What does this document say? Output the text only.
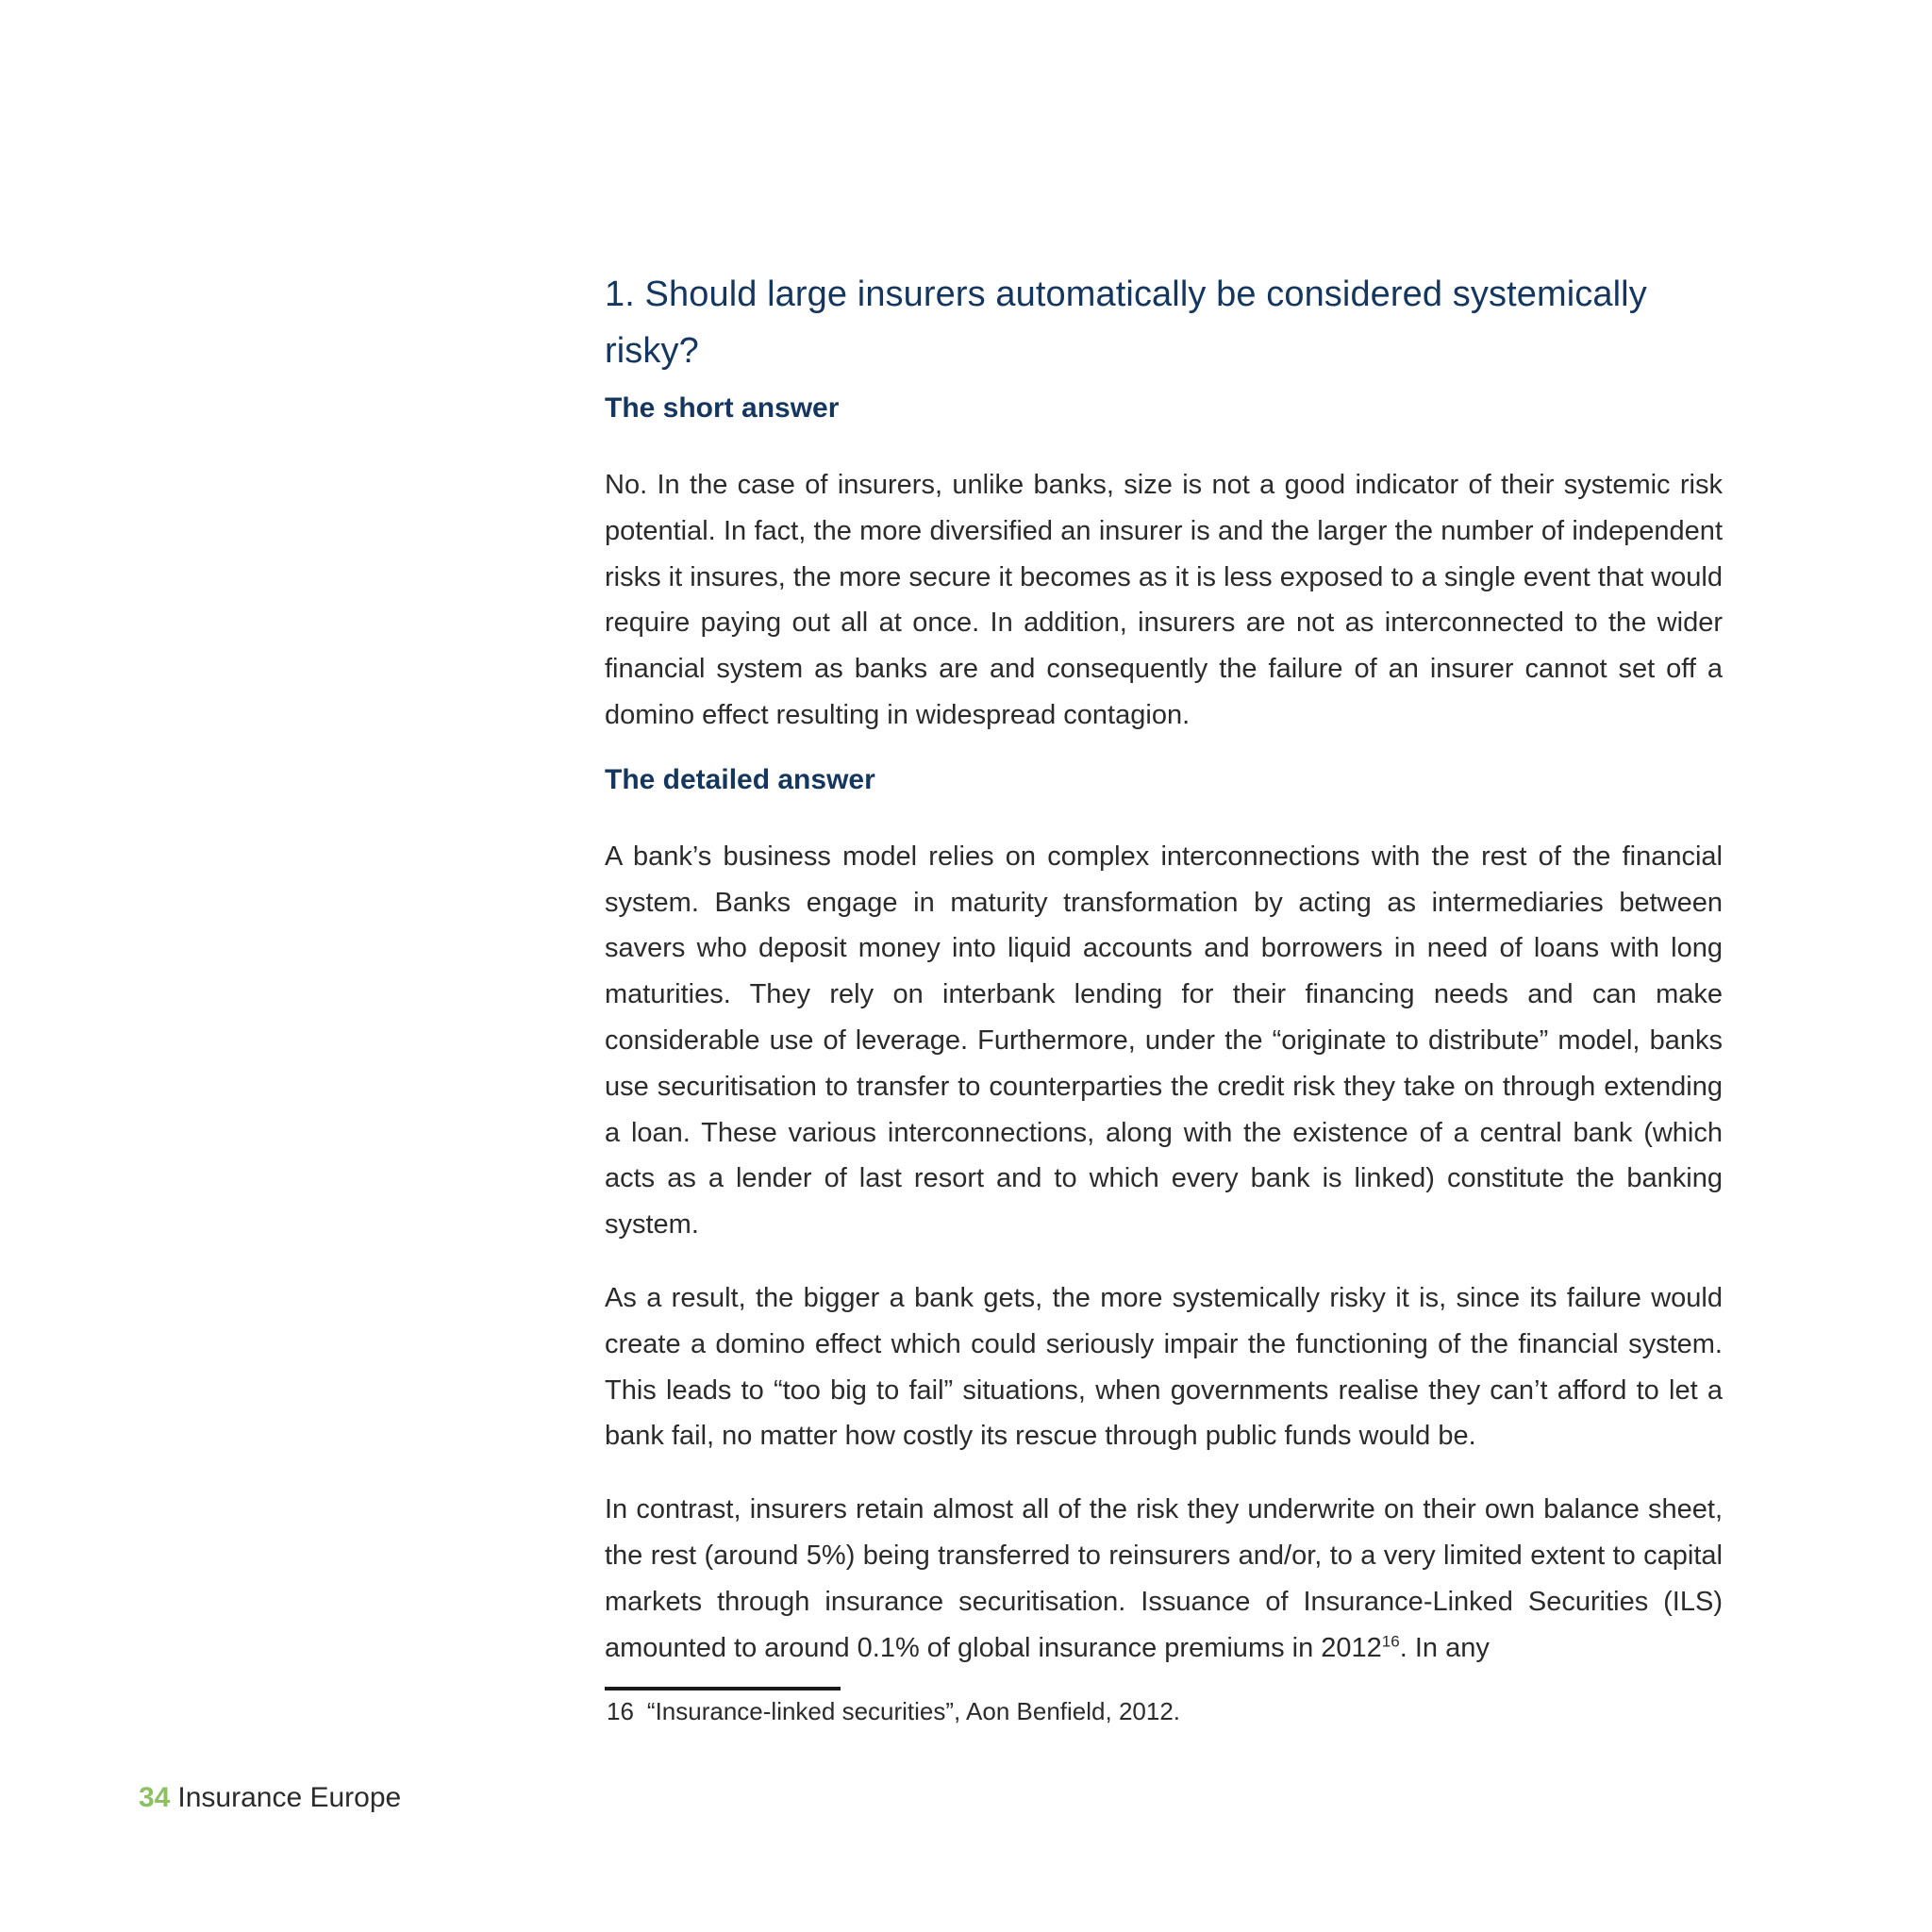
1. Should large insurers automatically be considered systemically risky?
The short answer

No. In the case of insurers, unlike banks, size is not a good indicator of their systemic risk potential. In fact, the more diversified an insurer is and the larger the number of independent risks it insures, the more secure it becomes as it is less exposed to a single event that would require paying out all at once. In addition, insurers are not as interconnected to the wider financial system as banks are and consequently the failure of an insurer cannot set off a domino effect resulting in widespread contagion.

The detailed answer

A bank’s business model relies on complex interconnections with the rest of the financial system. Banks engage in maturity transformation by acting as intermediaries between savers who deposit money into liquid accounts and borrowers in need of loans with long maturities. They rely on interbank lending for their financing needs and can make considerable use of leverage. Furthermore, under the “originate to distribute” model, banks use securitisation to transfer to counterparties the credit risk they take on through extending a loan. These various interconnections, along with the existence of a central bank (which acts as a lender of last resort and to which every bank is linked) constitute the banking system.

As a result, the bigger a bank gets, the more systemically risky it is, since its failure would create a domino effect which could seriously impair the functioning of the financial system. This leads to “too big to fail” situations, when governments realise they can’t afford to let a bank fail, no matter how costly its rescue through public funds would be.

In contrast, insurers retain almost all of the risk they underwrite on their own balance sheet, the rest (around 5%) being transferred to reinsurers and/or, to a very limited extent to capital markets through insurance securitisation. Issuance of Insurance-Linked Securities (ILS) amounted to around 0.1% of global insurance premiums in 2012$^{16}$. In any

16 “Insurance-linked securities”, Aon Benfield, 2012.
34 Insurance Europe
